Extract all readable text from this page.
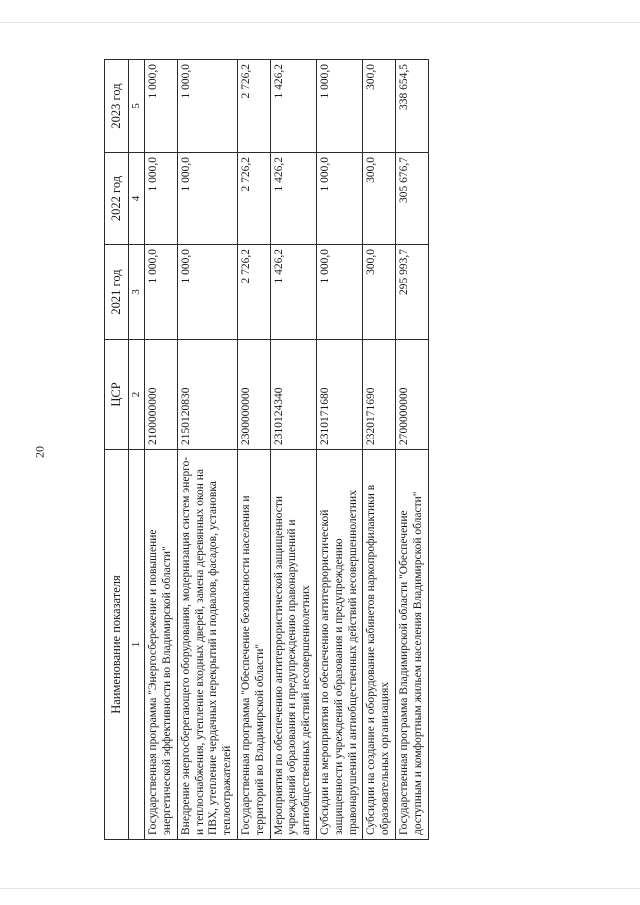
20
Наименование показателя	ЦСР	2021 год	2022 год	2023 год
1	2	3	4	5
Государственная программа "Энергосбережение и повышение энергетической эффективности во Владимирской области"	2100000000	1 000,0	1 000,0	1 000,0
Внедрение энергосберегающего оборудования, модернизация систем энерго- и теплоснабжения, утепление входных дверей, замена деревянных окон на ПВХ, утепление чердачных перекрытий и подвалов, фасадов, установка теплоотражателей	2150120830	1 000,0	1 000,0	1 000,0
Государственная программа "Обеспечение безопасности населения и территорий во Владимирской области"	2300000000	2 726,2	2 726,2	2 726,2
Мероприятия по обеспечению антитеррористической защищенности учреждений образования и предупреждению правонарушений и антиобщественных действий несовершеннолетних	2310124340	1 426,2	1 426,2	1 426,2
Субсидии на мероприятия по обеспечению антитеррористической защищенности учреждений образования и предупреждению правонарушений и антиобщественных действий несовершеннолетних	2310171680	1 000,0	1 000,0	1 000,0
Субсидии на создание и оборудование кабинетов наркопрофилактики в образовательных организациях	2320171690	300,0	300,0	300,0
Государственная программа Владимирской области "Обеспечение доступным и комфортным жильем населения Владимирской области"	2700000000	295 993,7	305 676,7	338 654,5
